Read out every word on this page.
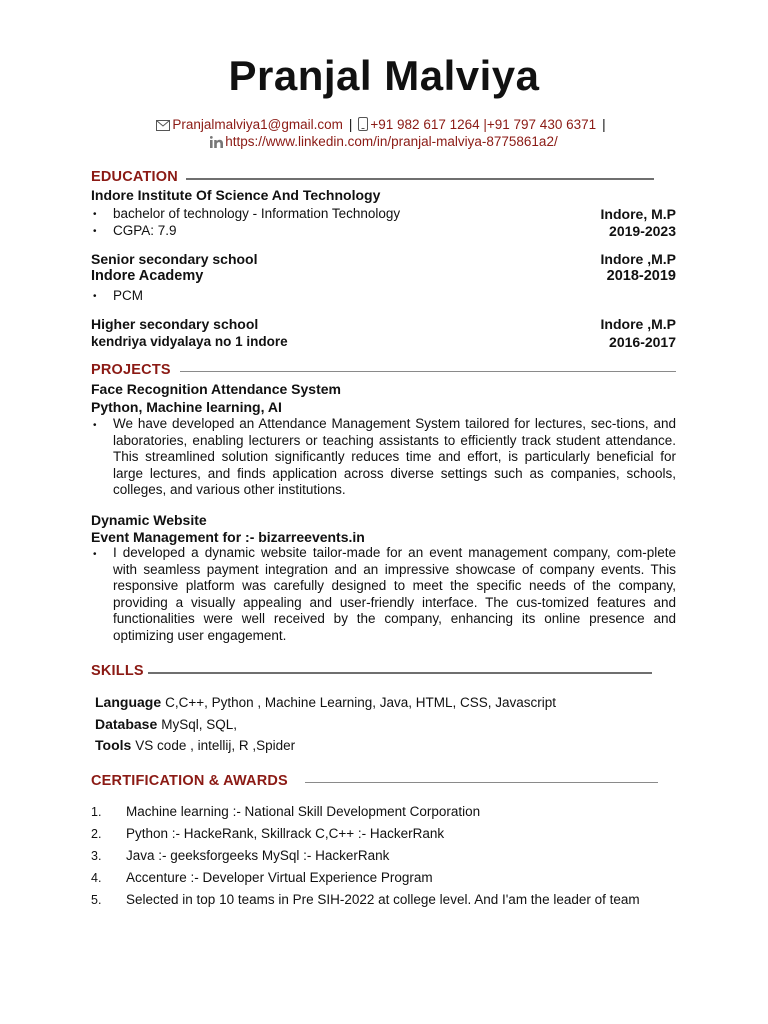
Pranjal Malviya
Pranjalmalviya1@gmail.com | +91 982 617 1264 |+91 797 430 6371 |
https://www.linkedin.com/in/pranjal-malviya-8775861a2/
EDUCATION
Indore Institute Of Science And Technology
• bachelor of technology - Information Technology	Indore, M.P
• CGPA: 7.9	2019-2023
Senior secondary school	Indore ,M.P
Indore Academy	2018-2019
• PCM
Higher secondary school	Indore ,M.P
kendriya vidyalaya no 1 indore	2016-2017
PROJECTS
Face Recognition Attendance System
Python, Machine learning, AI
• We have developed an Attendance Management System tailored for lectures, sec-tions, and laboratories, enabling lecturers or teaching assistants to efficiently track student attendance. This streamlined solution significantly reduces time and effort, is particularly beneficial for large lectures, and finds application across diverse settings such as companies, schools, colleges, and various other institutions.

Dynamic Website
Event Management for :- bizarreevents.in
• I developed a dynamic website tailor-made for an event management company, com-plete with seamless payment integration and an impressive showcase of company events. This responsive platform was carefully designed to meet the specific needs of the company, providing a visually appealing and user-friendly interface. The cus-tomized features and functionalities were well received by the company, enhancing its online presence and optimizing user engagement.

SKILLS
Language C,C++, Python , Machine Learning, Java, HTML, CSS, Javascript
Database MySql, SQL,
Tools VS code , intellij, R ,Spider
CERTIFICATION & AWARDS
1. Machine learning :- National Skill Development Corporation
2. Python :- HackeRank, Skillrack C,C++ :- HackerRank
3. Java :- geeksforgeeks MySql :- HackerRank
4. Accenture :- Developer Virtual Experience Program
5. Selected in top 10 teams in Pre SIH-2022 at college level. And I'am the leader of team
